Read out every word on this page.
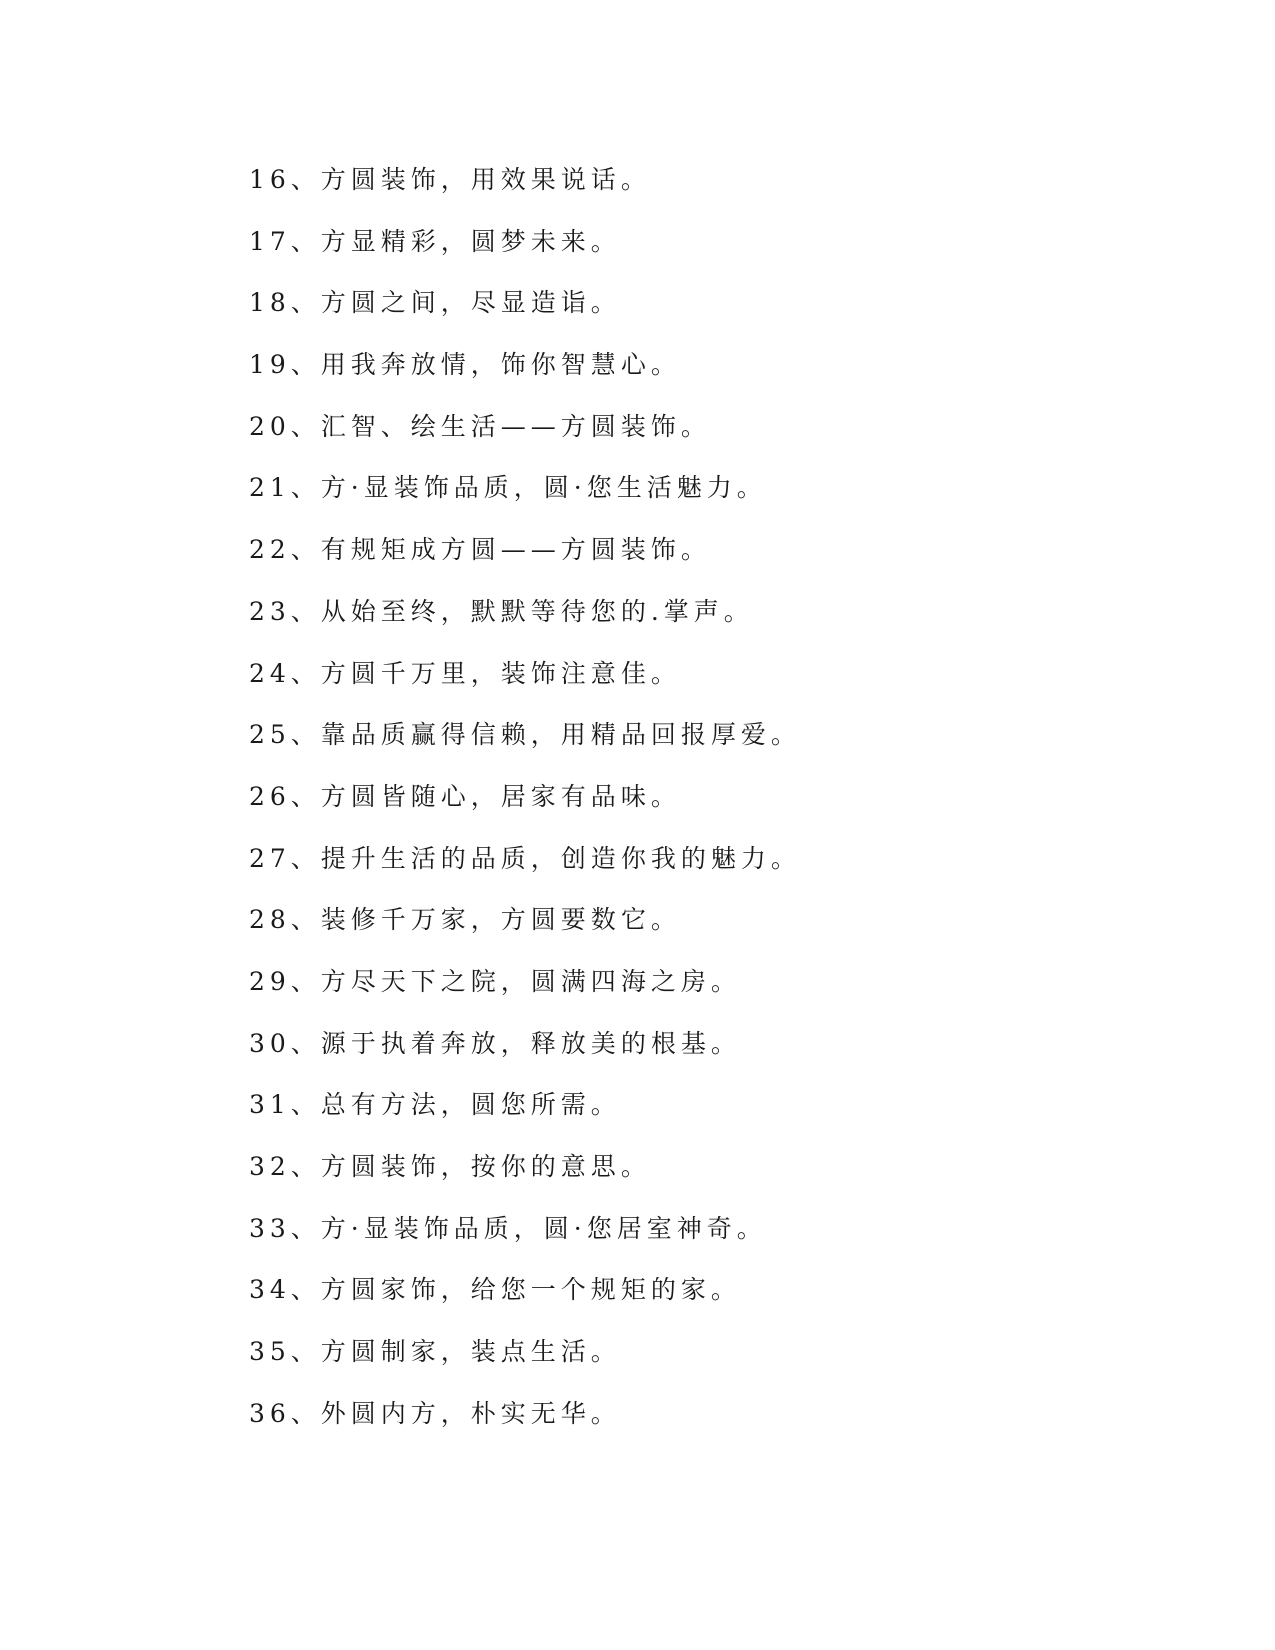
16、方圆装饰，用效果说话。
17、方显精彩，圆梦未来。
18、方圆之间，尽显造诣。
19、用我奔放情，饰你智慧心。
20、汇智、绘生活——方圆装饰。
21、方·显装饰品质，圆·您生活魅力。
22、有规矩成方圆——方圆装饰。
23、从始至终，默默等待您的.掌声。
24、方圆千万里，装饰注意佳。
25、靠品质赢得信赖，用精品回报厚爱。
26、方圆皆随心，居家有品味。
27、提升生活的品质，创造你我的魅力。
28、装修千万家，方圆要数它。
29、方尽天下之院，圆满四海之房。
30、源于执着奔放，释放美的根基。
31、总有方法，圆您所需。
32、方圆装饰，按你的意思。
33、方·显装饰品质，圆·您居室神奇。
34、方圆家饰，给您一个规矩的家。
35、方圆制家，装点生活。
36、外圆内方，朴实无华。
